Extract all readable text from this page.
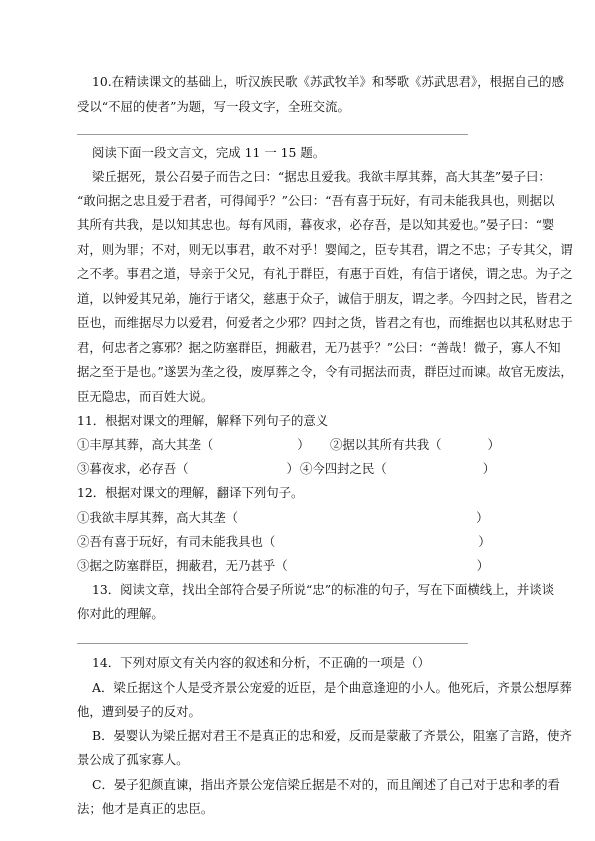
10.在精读课文的基础上，听汉族民歌《苏武牧羊》和琴歌《苏武思君》，根据自己的感
受以“不屈的使者”为题，写一段文字，全班交流。
阅读下面一段文言文，完成 11 一 15 题。
梁丘据死，景公召晏子而告之曰：“据忠且爱我。我欲丰厚其葬，高大其垄”晏子曰：
“敢问据之忠且爱于君者，可得闻乎？”公曰：“吾有喜于玩好，有司未能我具也，则据以
其所有共我，是以知其忠也。每有风雨，暮夜求，必存吾，是以知其爱也。”晏子曰：“婴
对，则为罪；不对，则无以事君，敢不对乎！婴闻之，臣专其君，谓之不忠；子专其父，谓
之不孝。事君之道，导亲于父兄，有礼于群臣，有惠于百姓，有信于诸侯，谓之忠。为子之
道，以钟爱其兄弟，施行于诸父，慈惠于众子，诚信于朋友，谓之孝。今四封之民，皆君之
臣也，而维据尽力以爱君，何爱者之少邪？四封之货，皆君之有也，而维据也以其私财忠于
君，何忠者之寡邪？据之防塞群臣，拥蔽君，无乃甚乎？”公曰：“善哉！微子，寡人不知
据之至于是也。”遂罢为垄之役，废厚葬之令，令有司据法而责，群臣过而谏。故官无废法，
臣无隐忠，而百姓大说。
11．根据对课文的理解，解释下列句子的意义
①丰厚其葬，高大其垄（	） ②据以其所有共我（	）
③暮夜求，必存吾（	） ④今四封之民（	）
12．根据对课文的理解，翻译下列句子。
①我欲丰厚其葬，高大其垄（	）
②吾有喜于玩好，有司未能我具也（	）
③据之防塞群臣，拥蔽君，无乃甚乎（	）
13．阅读文章，找出全部符合晏子所说“忠”的标准的句子，写在下面横线上，并谈谈
你对此的理解。
14．下列对原文有关内容的叙述和分析，不正确的一项是（）
A．梁丘据这个人是受齐景公宠爱的近臣，是个曲意逢迎的小人。他死后，齐景公想厚葬
他，遭到晏子的反对。
B．晏婴认为梁丘据对君王不是真正的忠和爱，反而是蒙蔽了齐景公，阻塞了言路，使齐
景公成了孤家寡人。
C．晏子犯颜直谏，指出齐景公宠信梁丘据是不对的，而且阐述了自己对于忠和孝的看
法；他才是真正的忠臣。
